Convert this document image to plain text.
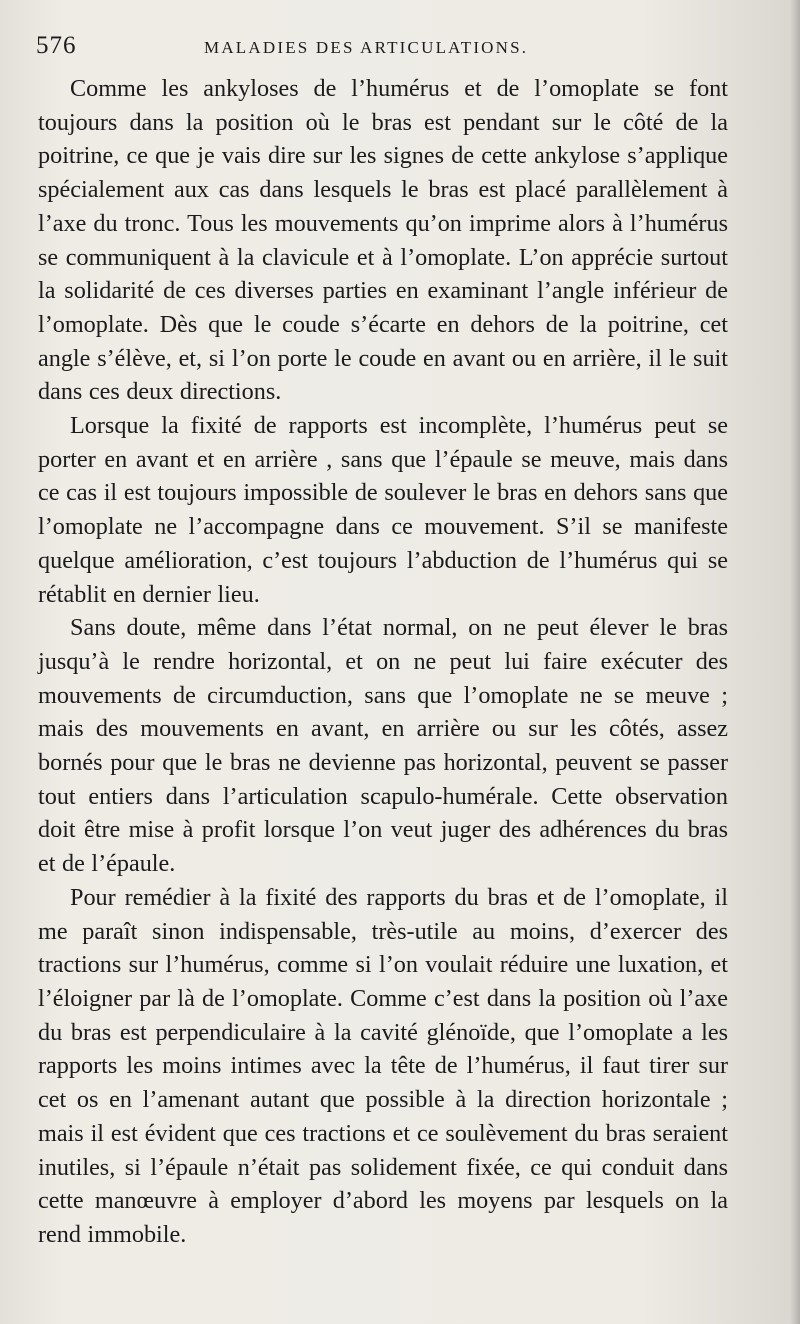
576	MALADIES DES ARTICULATIONS.

Comme les ankyloses de l’humérus et de l’omoplate se font toujours dans la position où le bras est pendant sur le côté de la poitrine, ce que je vais dire sur les signes de cette ankylose s’applique spécialement aux cas dans lesquels le bras est placé parallèlement à l’axe du tronc. Tous les mouvements qu’on imprime alors à l’humérus se communiquent à la clavicule et à l’omoplate. L’on apprécie surtout la solidarité de ces diverses parties en examinant l’angle inférieur de l’omoplate. Dès que le coude s’écarte en dehors de la poitrine, cet angle s’élève, et, si l’on porte le coude en avant ou en arrière, il le suit dans ces deux directions.

Lorsque la fixité de rapports est incomplète, l’humérus peut se porter en avant et en arrière , sans que l’épaule se meuve, mais dans ce cas il est toujours impossible de soulever le bras en dehors sans que l’omoplate ne l’accompagne dans ce mouvement. S’il se manifeste quelque amélioration, c’est toujours l’abduction de l’humérus qui se rétablit en dernier lieu.

Sans doute, même dans l’état normal, on ne peut élever le bras jusqu’à le rendre horizontal, et on ne peut lui faire exécuter des mouvements de circumduction, sans que l’omoplate ne se meuve ; mais des mouvements en avant, en arrière ou sur les côtés, assez bornés pour que le bras ne devienne pas horizontal, peuvent se passer tout entiers dans l’articulation scapulo-humérale. Cette observation doit être mise à profit lorsque l’on veut juger des adhérences du bras et de l’épaule.

Pour remédier à la fixité des rapports du bras et de l’omoplate, il me paraît sinon indispensable, très-utile au moins, d’exercer des tractions sur l’humérus, comme si l’on voulait réduire une luxation, et l’éloigner par là de l’omoplate. Comme c’est dans la position où l’axe du bras est perpendiculaire à la cavité glénoïde, que l’omoplate a les rapports les moins intimes avec la tête de l’humérus, il faut tirer sur cet os en l’amenant autant que possible à la direction horizontale ; mais il est évident que ces tractions et ce soulèvement du bras seraient inutiles, si l’épaule n’était pas solidement fixée, ce qui conduit dans cette manœuvre à employer d’abord les moyens par lesquels on la rend immobile.
